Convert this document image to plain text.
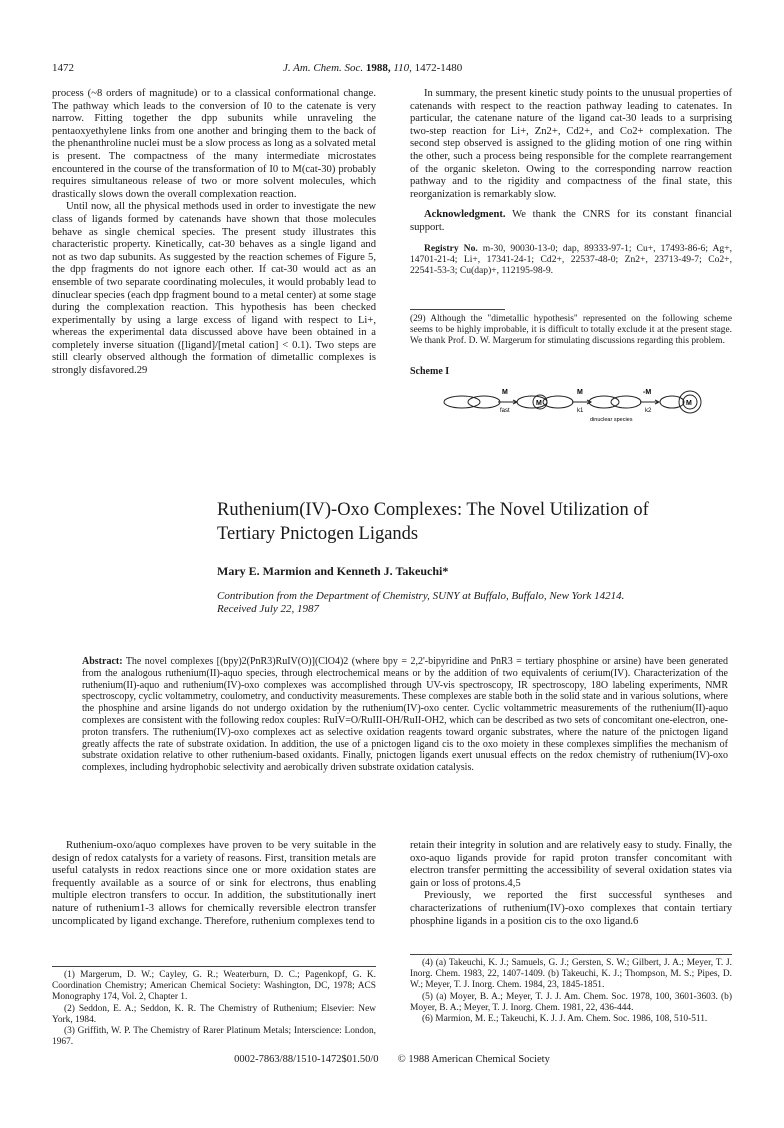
1472	J. Am. Chem. Soc. 1988, 110, 1472-1480

process (~8 orders of magnitude) or to a classical conformational change. The pathway which leads to the conversion of I0 to the catenate is very narrow. Fitting together the dpp subunits while unraveling the pentaoxyethylene links from one another and bringing them to the back of the phenanthroline nuclei must be a slow process as long as a solvated metal is present. The compactness of the many intermediate microstates encountered in the course of the transformation of I0 to M(cat-30) probably requires simultaneous release of two or more solvent molecules, which drastically slows down the overall complexation reaction.

Until now, all the physical methods used in order to investigate the new class of ligands formed by catenands have shown that those molecules behave as single chemical species. The present study illustrates this characteristic property. Kinetically, cat-30 behaves as a single ligand and not as two dap subunits. As suggested by the reaction schemes of Figure 5, the dpp fragments do not ignore each other. If cat-30 would act as an ensemble of two separate coordinating molecules, it would probably lead to dinuclear species (each dpp fragment bound to a metal center) at some stage during the complexation reaction. This hypothesis has been checked experimentally by using a large excess of ligand with respect to Li+, whereas the experimental data discussed above have been obtained in a completely inverse situation ([ligand]/[metal cation] < 0.1). Two steps are still clearly observed although the formation of dimetallic complexes is strongly disfavored.29

In summary, the present kinetic study points to the unusual properties of catenands with respect to the reaction pathway leading to catenates. In particular, the catenane nature of the ligand cat-30 leads to a surprising two-step reaction for Li+, Zn2+, Cd2+, and Co2+ complexation. The second step observed is assigned to the gliding motion of one ring within the other, such a process being responsible for the complete rearrangement of the organic skeleton. Owing to the corresponding narrow reaction pathway and to the rigidity and compactness of the final state, this reorganization is remarkably slow.

Acknowledgment. We thank the CNRS for its constant financial support.

Registry No. m-30, 90030-13-0; dap, 89333-97-1; Cu+, 17493-86-6; Ag+, 14701-21-4; Li+, 17341-24-1; Cd2+, 22537-48-0; Zn2+, 23713-49-7; Co2+, 22541-53-3; Cu(dap)+, 112195-98-9.

(29) Although the "dimetallic hypothesis" represented on the following scheme seems to be highly improbable, it is difficult to totally exclude it at the present stage. We thank Prof. D. W. Margerum for stimulating discussions regarding this problem.
Scheme I
M
fast
M
M
k1
-M
k2
M
dinuclear species
Ruthenium(IV)-Oxo Complexes: The Novel Utilization of
Tertiary Pnictogen Ligands
Mary E. Marmion and Kenneth J. Takeuchi*
Contribution from the Department of Chemistry, SUNY at Buffalo, Buffalo, New York 14214.
Received July 22, 1987
Abstract: The novel complexes [(bpy)2(PnR3)RuIV(O)](ClO4)2 (where bpy = 2,2'-bipyridine and PnR3 = tertiary phosphine or arsine) have been generated from the analogous ruthenium(II)-aquo species, through electrochemical means or by the addition of two equivalents of cerium(IV). Characterization of the ruthenium(II)-aquo and ruthenium(IV)-oxo complexes was accomplished through UV-vis spectroscopy, IR spectroscopy, 18O labeling experiments, NMR spectroscopy, cyclic voltammetry, coulometry, and conductivity measurements. These complexes are stable both in the solid state and in various solutions, where the phosphine and arsine ligands do not undergo oxidation by the ruthenium(IV)-oxo center. Cyclic voltammetric measurements of the ruthenium(II)-aquo complexes are consistent with the following redox couples: RuIV=O/RuIII-OH/RuII-OH2, which can be described as two sets of concomitant one-electron, one-proton transfers. The ruthenium(IV)-oxo complexes act as selective oxidation reagents toward organic substrates, where the nature of the pnictogen ligand greatly affects the rate of substrate oxidation. In addition, the use of a pnictogen ligand cis to the oxo moiety in these complexes simplifies the mechanism of substrate oxidation relative to other ruthenium-based oxidants. Finally, pnictogen ligands exert unusual effects on the redox chemistry of ruthenium(IV)-oxo complexes, including hydrophobic selectivity and aerobically driven substrate oxidation catalysis.

Ruthenium-oxo/aquo complexes have proven to be very suitable in the design of redox catalysts for a variety of reasons. First, transition metals are useful catalysts in redox reactions since one or more oxidation states are frequently available as a source of or sink for electrons, thus enabling multiple electron transfers to occur. In addition, the substitutionally inert nature of ruthenium1-3 allows for chemically reversible electron transfer uncomplicated by ligand exchange. Therefore, ruthenium complexes tend to

(1) Margerum, D. W.; Cayley, G. R.; Weaterburn, D. C.; Pagenkopf, G. K. Coordination Chemistry; American Chemical Society: Washington, DC, 1978; ACS Monography 174, Vol. 2, Chapter 1.

(2) Seddon, E. A.; Seddon, K. R. The Chemistry of Ruthenium; Elsevier: New York, 1984.

(3) Griffith, W. P. The Chemistry of Rarer Platinum Metals; Interscience: London, 1967.

retain their integrity in solution and are relatively easy to study. Finally, the oxo-aquo ligands provide for rapid proton transfer concomitant with electron transfer permitting the accessibility of several oxidation states via gain or loss of protons.4,5

Previously, we reported the first successful syntheses and characterizations of ruthenium(IV)-oxo complexes that contain tertiary phosphine ligands in a position cis to the oxo ligand.6

(4) (a) Takeuchi, K. J.; Samuels, G. J.; Gersten, S. W.; Gilbert, J. A.; Meyer, T. J. Inorg. Chem. 1983, 22, 1407-1409. (b) Takeuchi, K. J.; Thompson, M. S.; Pipes, D. W.; Meyer, T. J. Inorg. Chem. 1984, 23, 1845-1851.

(5) (a) Moyer, B. A.; Meyer, T. J. J. Am. Chem. Soc. 1978, 100, 3601-3603. (b) Moyer, B. A.; Meyer, T. J. Inorg. Chem. 1981, 22, 436-444.

(6) Marmion, M. E.; Takeuchi, K. J. J. Am. Chem. Soc. 1986, 108, 510-511.

0002-7863/88/1510-1472$01.50/0 © 1988 American Chemical Society
